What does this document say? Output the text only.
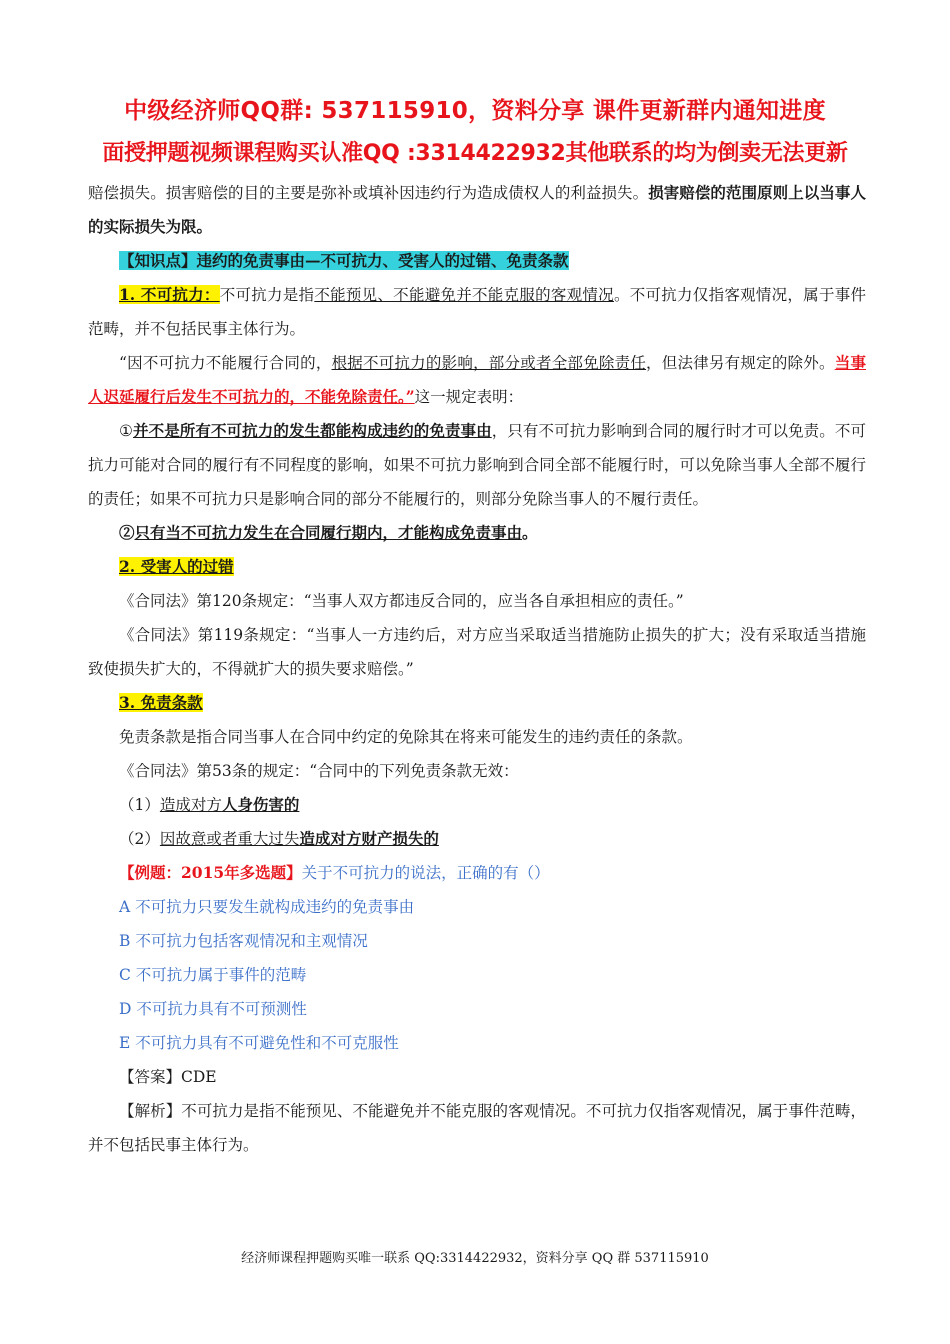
中级经济师QQ群: 537115910，资料分享 课件更新群内通知进度
面授押题视频课程购买认准QQ :3314422932其他联系的均为倒卖无法更新

赔偿损失。损害赔偿的目的主要是弥补或填补因违约行为造成债权人的利益损失。损害赔偿的范围原则上以当事人的实际损失为限。

【知识点】违约的免责事由—不可抗力、受害人的过错、免责条款

1. 不可抗力：不可抗力是指不能预见、不能避免并不能克服的客观情况。不可抗力仅指客观情况，属于事件范畴，并不包括民事主体行为。

“因不可抗力不能履行合同的，根据不可抗力的影响，部分或者全部免除责任，但法律另有规定的除外。当事人迟延履行后发生不可抗力的，不能免除责任。”这一规定表明：

①并不是所有不可抗力的发生都能构成违约的免责事由，只有不可抗力影响到合同的履行时才可以免责。不可抗力可能对合同的履行有不同程度的影响，如果不可抗力影响到合同全部不能履行时，可以免除当事人全部不履行的责任；如果不可抗力只是影响合同的部分不能履行的，则部分免除当事人的不履行责任。

②只有当不可抗力发生在合同履行期内，才能构成免责事由。

2. 受害人的过错

《合同法》第120条规定：“当事人双方都违反合同的，应当各自承担相应的责任。”

《合同法》第119条规定：“当事人一方违约后，对方应当采取适当措施防止损失的扩大；没有采取适当措施致使损失扩大的，不得就扩大的损失要求赔偿。”

3. 免责条款

免责条款是指合同当事人在合同中约定的免除其在将来可能发生的违约责任的条款。

《合同法》第53条的规定：“合同中的下列免责条款无效：

（1）造成对方人身伤害的

（2）因故意或者重大过失造成对方财产损失的

【例题：2015年多选题】关于不可抗力的说法，正确的有（）

A 不可抗力只要发生就构成违约的免责事由

B 不可抗力包括客观情况和主观情况

C 不可抗力属于事件的范畴

D 不可抗力具有不可预测性

E 不可抗力具有不可避免性和不可克服性

【答案】CDE

【解析】不可抗力是指不能预见、不能避免并不能克服的客观情况。不可抗力仅指客观情况，属于事件范畴，并不包括民事主体行为。

经济师课程押题购买唯一联系 QQ:3314422932，资料分享 QQ 群 537115910
